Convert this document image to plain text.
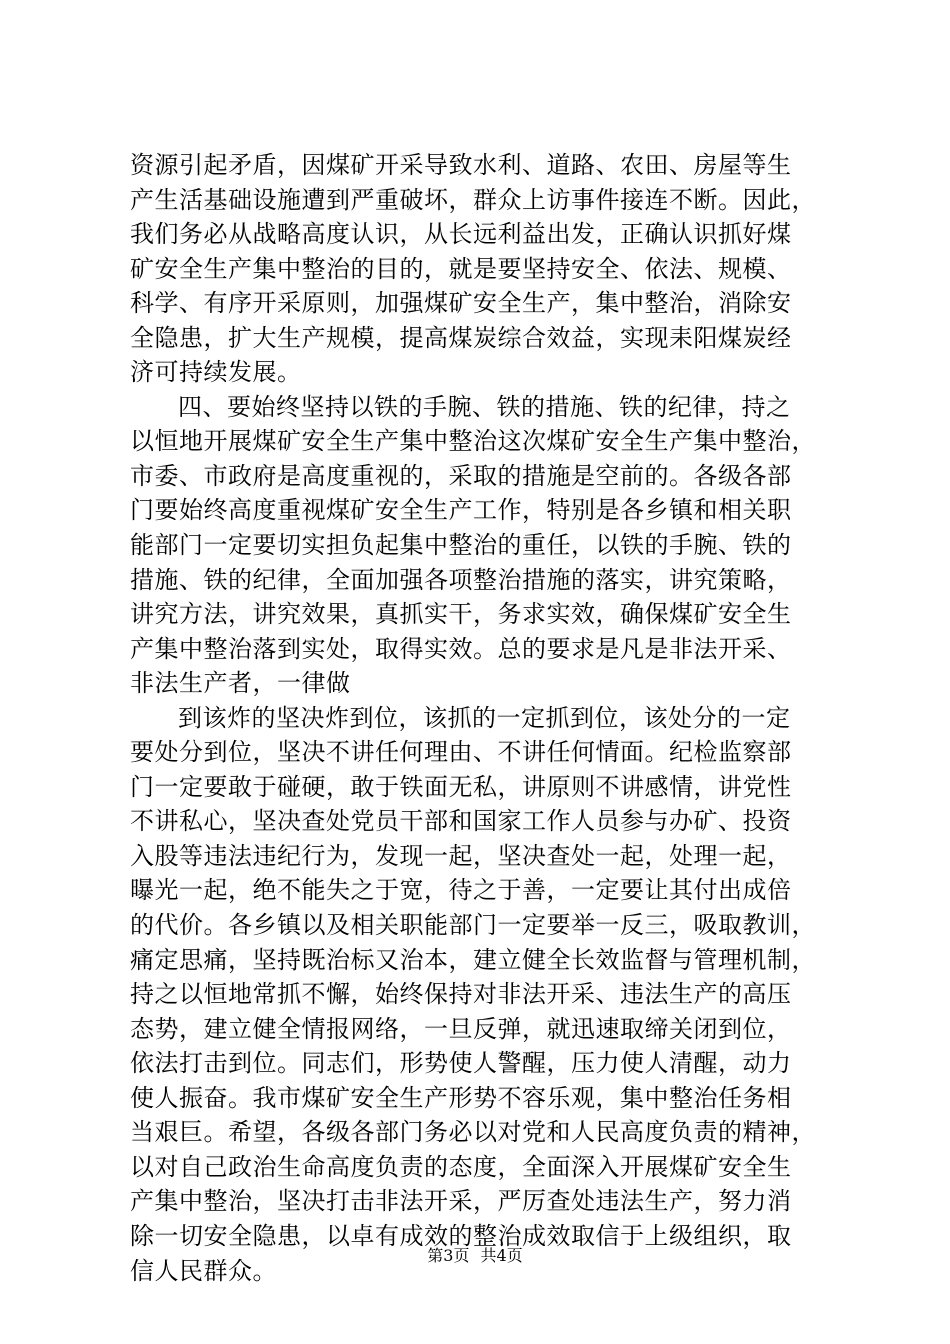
资源引起矛盾，因煤矿开采导致水利、道路、农田、房屋等生
产生活基础设施遭到严重破坏，群众上访事件接连不断。因此，
我们务必从战略高度认识，从长远利益出发，正确认识抓好煤
矿安全生产集中整治的目的，就是要坚持安全、依法、规模、
科学、有序开采原则，加强煤矿安全生产，集中整治，消除安
全隐患，扩大生产规模，提高煤炭综合效益，实现耒阳煤炭经
济可持续发展。
四、要始终坚持以铁的手腕、铁的措施、铁的纪律，持之
以恒地开展煤矿安全生产集中整治这次煤矿安全生产集中整治，
市委、市政府是高度重视的，采取的措施是空前的。各级各部
门要始终高度重视煤矿安全生产工作，特别是各乡镇和相关职
能部门一定要切实担负起集中整治的重任，以铁的手腕、铁的
措施、铁的纪律，全面加强各项整治措施的落实，讲究策略，
讲究方法，讲究效果，真抓实干，务求实效，确保煤矿安全生
产集中整治落到实处，取得实效。总的要求是凡是非法开采、
非法生产者，一律做
到该炸的坚决炸到位，该抓的一定抓到位，该处分的一定
要处分到位，坚决不讲任何理由、不讲任何情面。纪检监察部
门一定要敢于碰硬，敢于铁面无私，讲原则不讲感情，讲党性
不讲私心，坚决查处党员干部和国家工作人员参与办矿、投资
入股等违法违纪行为，发现一起，坚决查处一起，处理一起，
曝光一起，绝不能失之于宽，待之于善，一定要让其付出成倍
的代价。各乡镇以及相关职能部门一定要举一反三，吸取教训，
痛定思痛，坚持既治标又治本，建立健全长效监督与管理机制，
持之以恒地常抓不懈，始终保持对非法开采、违法生产的高压
态势，建立健全情报网络，一旦反弹，就迅速取缔关闭到位，
依法打击到位。同志们，形势使人警醒，压力使人清醒，动力
使人振奋。我市煤矿安全生产形势不容乐观，集中整治任务相
当艰巨。希望，各级各部门务必以对党和人民高度负责的精神，
以对自己政治生命高度负责的态度，全面深入开展煤矿安全生
产集中整治，坚决打击非法开采，严厉查处违法生产，努力消
除一切安全隐患，以卓有成效的整治成效取信于上级组织，取
信人民群众。
第3页 共4页
